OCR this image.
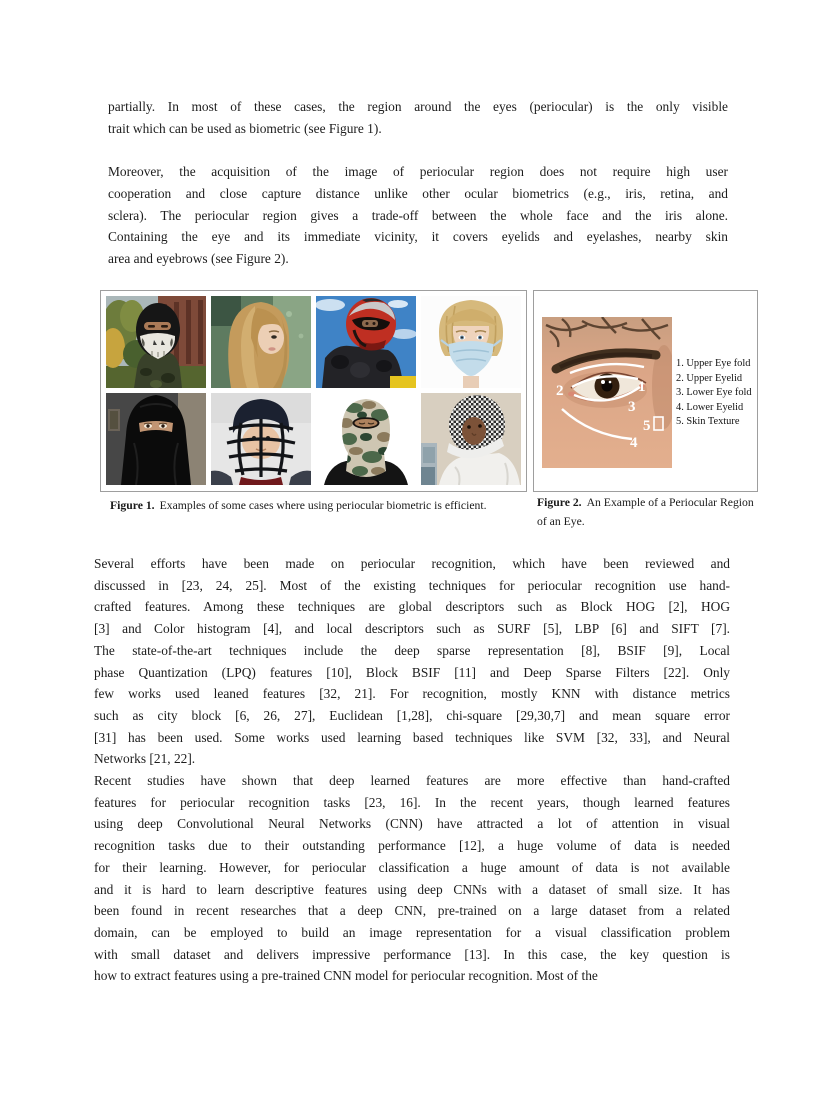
partially. In most of these cases, the region around the eyes (periocular) is the only visible
trait which can be used as biometric (see Figure 1).
Moreover, the acquisition of the image of periocular region does not require high user
cooperation and close capture distance unlike other ocular biometrics (e.g., iris, retina, and
sclera). The periocular region gives a trade-off between the whole face and the iris alone.
Containing the eye and its immediate vicinity, it covers eyelids and eyelashes, nearby skin
area and eyebrows (see Figure 2).
2	1
3
5
4
1. Upper Eye fold
2. Upper Eyelid
3. Lower Eye fold
4. Lower Eyelid
5. Skin Texture
Figure 1. Examples of some cases where using periocular biometric is efficient.	Figure 2. An Example of a Periocular Region of an Eye.
Several efforts have been made on periocular recognition, which have been reviewed and
discussed in [23, 24, 25]. Most of the existing techniques for periocular recognition use hand-
crafted features. Among these techniques are global descriptors such as Block HOG [2], HOG
[3] and Color histogram [4], and local descriptors such as SURF [5], LBP [6] and SIFT [7].
The state-of-the-art techniques include the deep sparse representation [8], BSIF [9], Local
phase Quantization (LPQ) features [10], Block BSIF [11] and Deep Sparse Filters [22]. Only
few works used leaned features [32, 21]. For recognition, mostly KNN with distance metrics
such as city block [6, 26, 27], Euclidean [1,28], chi-square [29,30,7] and mean square error
[31] has been used. Some works used learning based techniques like SVM [32, 33], and Neural
Networks [21, 22].
Recent studies have shown that deep learned features are more effective than hand-crafted
features for periocular recognition tasks [23, 16]. In the recent years, though learned features
using deep Convolutional Neural Networks (CNN) have attracted a lot of attention in visual
recognition tasks due to their outstanding performance [12], a huge volume of data is needed
for their learning. However, for periocular classification a huge amount of data is not available
and it is hard to learn descriptive features using deep CNNs with a dataset of small size. It has
been found in recent researches that a deep CNN, pre-trained on a large dataset from a related
domain, can be employed to build an image representation for a visual classification problem
with small dataset and delivers impressive performance [13]. In this case, the key question is
how to extract features using a pre-trained CNN model for periocular recognition. Most of the
